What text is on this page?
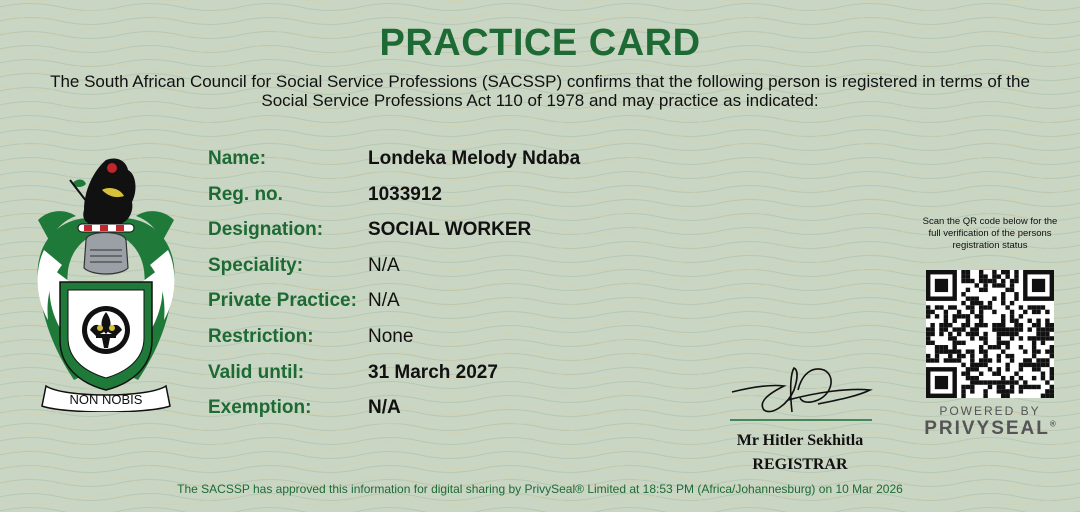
PRACTICE CARD
The South African Council for Social Service Professions (SACSSP) confirms that the following person is registered in terms of the Social Service Professions Act 110 of 1978 and may practice as indicated:
NON NOBIS
Name:	Londeka Melody Ndaba
Reg. no.	1033912
Designation: SOCIAL WORKER
Speciality:	N/A
Private Practice: N/A
Restriction:	None
Valid until:	31 March 2027
Exemption:	N/A
Mr Hitler Sekhitla
REGISTRAR
Scan the QR code below for the full verification of the persons registration status
POWERED BY
PRIVYSEAL®
The SACSSP has approved this information for digital sharing by PrivySeal® Limited at 18:53 PM (Africa/Johannesburg) on 10 Mar 2026
